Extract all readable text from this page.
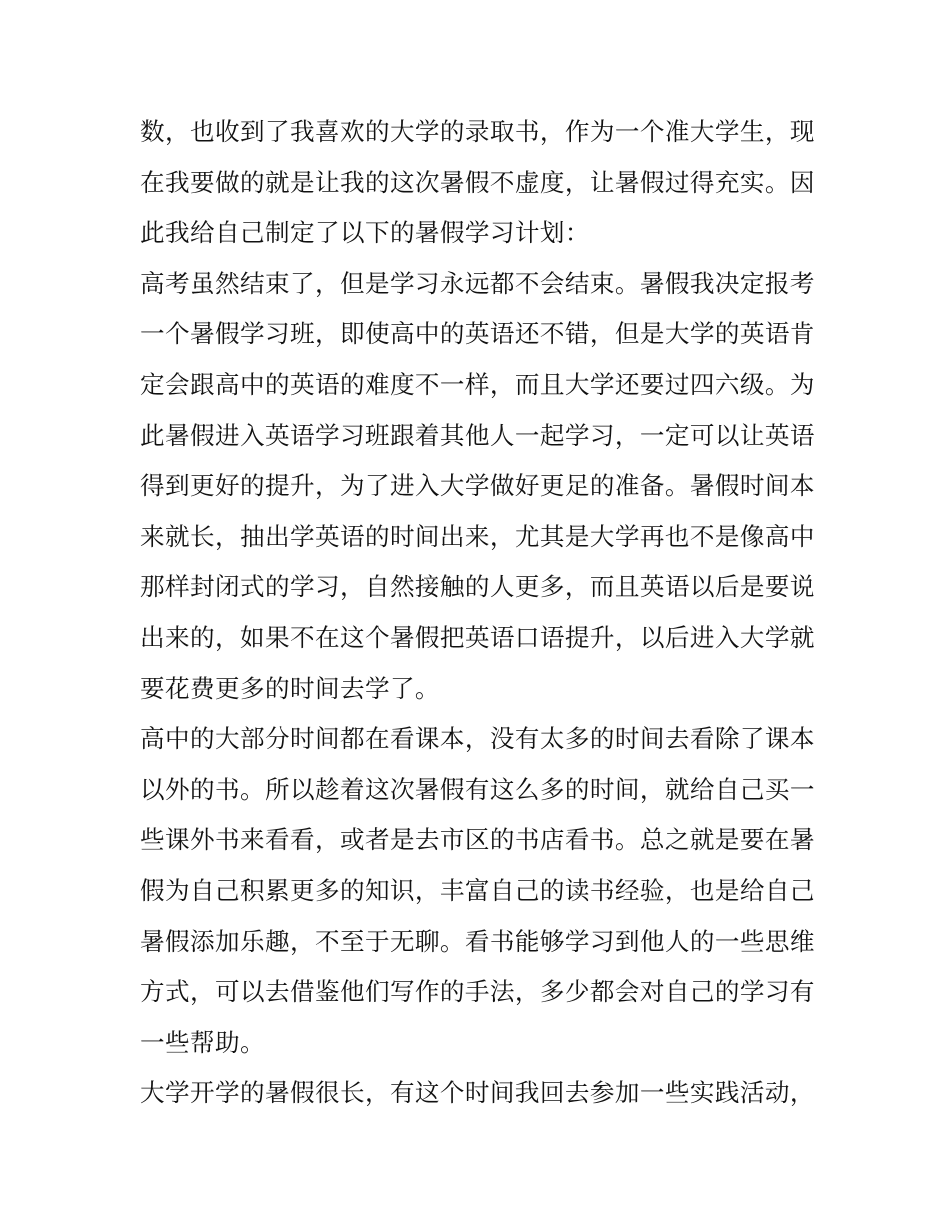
数，也收到了我喜欢的大学的录取书，作为一个准大学生，现
在我要做的就是让我的这次暑假不虚度，让暑假过得充实。因
此我给自己制定了以下的暑假学习计划：
高考虽然结束了，但是学习永远都不会结束。暑假我决定报考
一个暑假学习班，即使高中的英语还不错，但是大学的英语肯
定会跟高中的英语的难度不一样，而且大学还要过四六级。为
此暑假进入英语学习班跟着其他人一起学习，一定可以让英语
得到更好的提升，为了进入大学做好更足的准备。暑假时间本
来就长，抽出学英语的时间出来，尤其是大学再也不是像高中
那样封闭式的学习，自然接触的人更多，而且英语以后是要说
出来的，如果不在这个暑假把英语口语提升，以后进入大学就
要花费更多的时间去学了。
高中的大部分时间都在看课本，没有太多的时间去看除了课本
以外的书。所以趁着这次暑假有这么多的时间，就给自己买一
些课外书来看看，或者是去市区的书店看书。总之就是要在暑
假为自己积累更多的知识，丰富自己的读书经验，也是给自己
暑假添加乐趣，不至于无聊。看书能够学习到他人的一些思维
方式，可以去借鉴他们写作的手法，多少都会对自己的学习有
一些帮助。
大学开学的暑假很长，有这个时间我回去参加一些实践活动，
